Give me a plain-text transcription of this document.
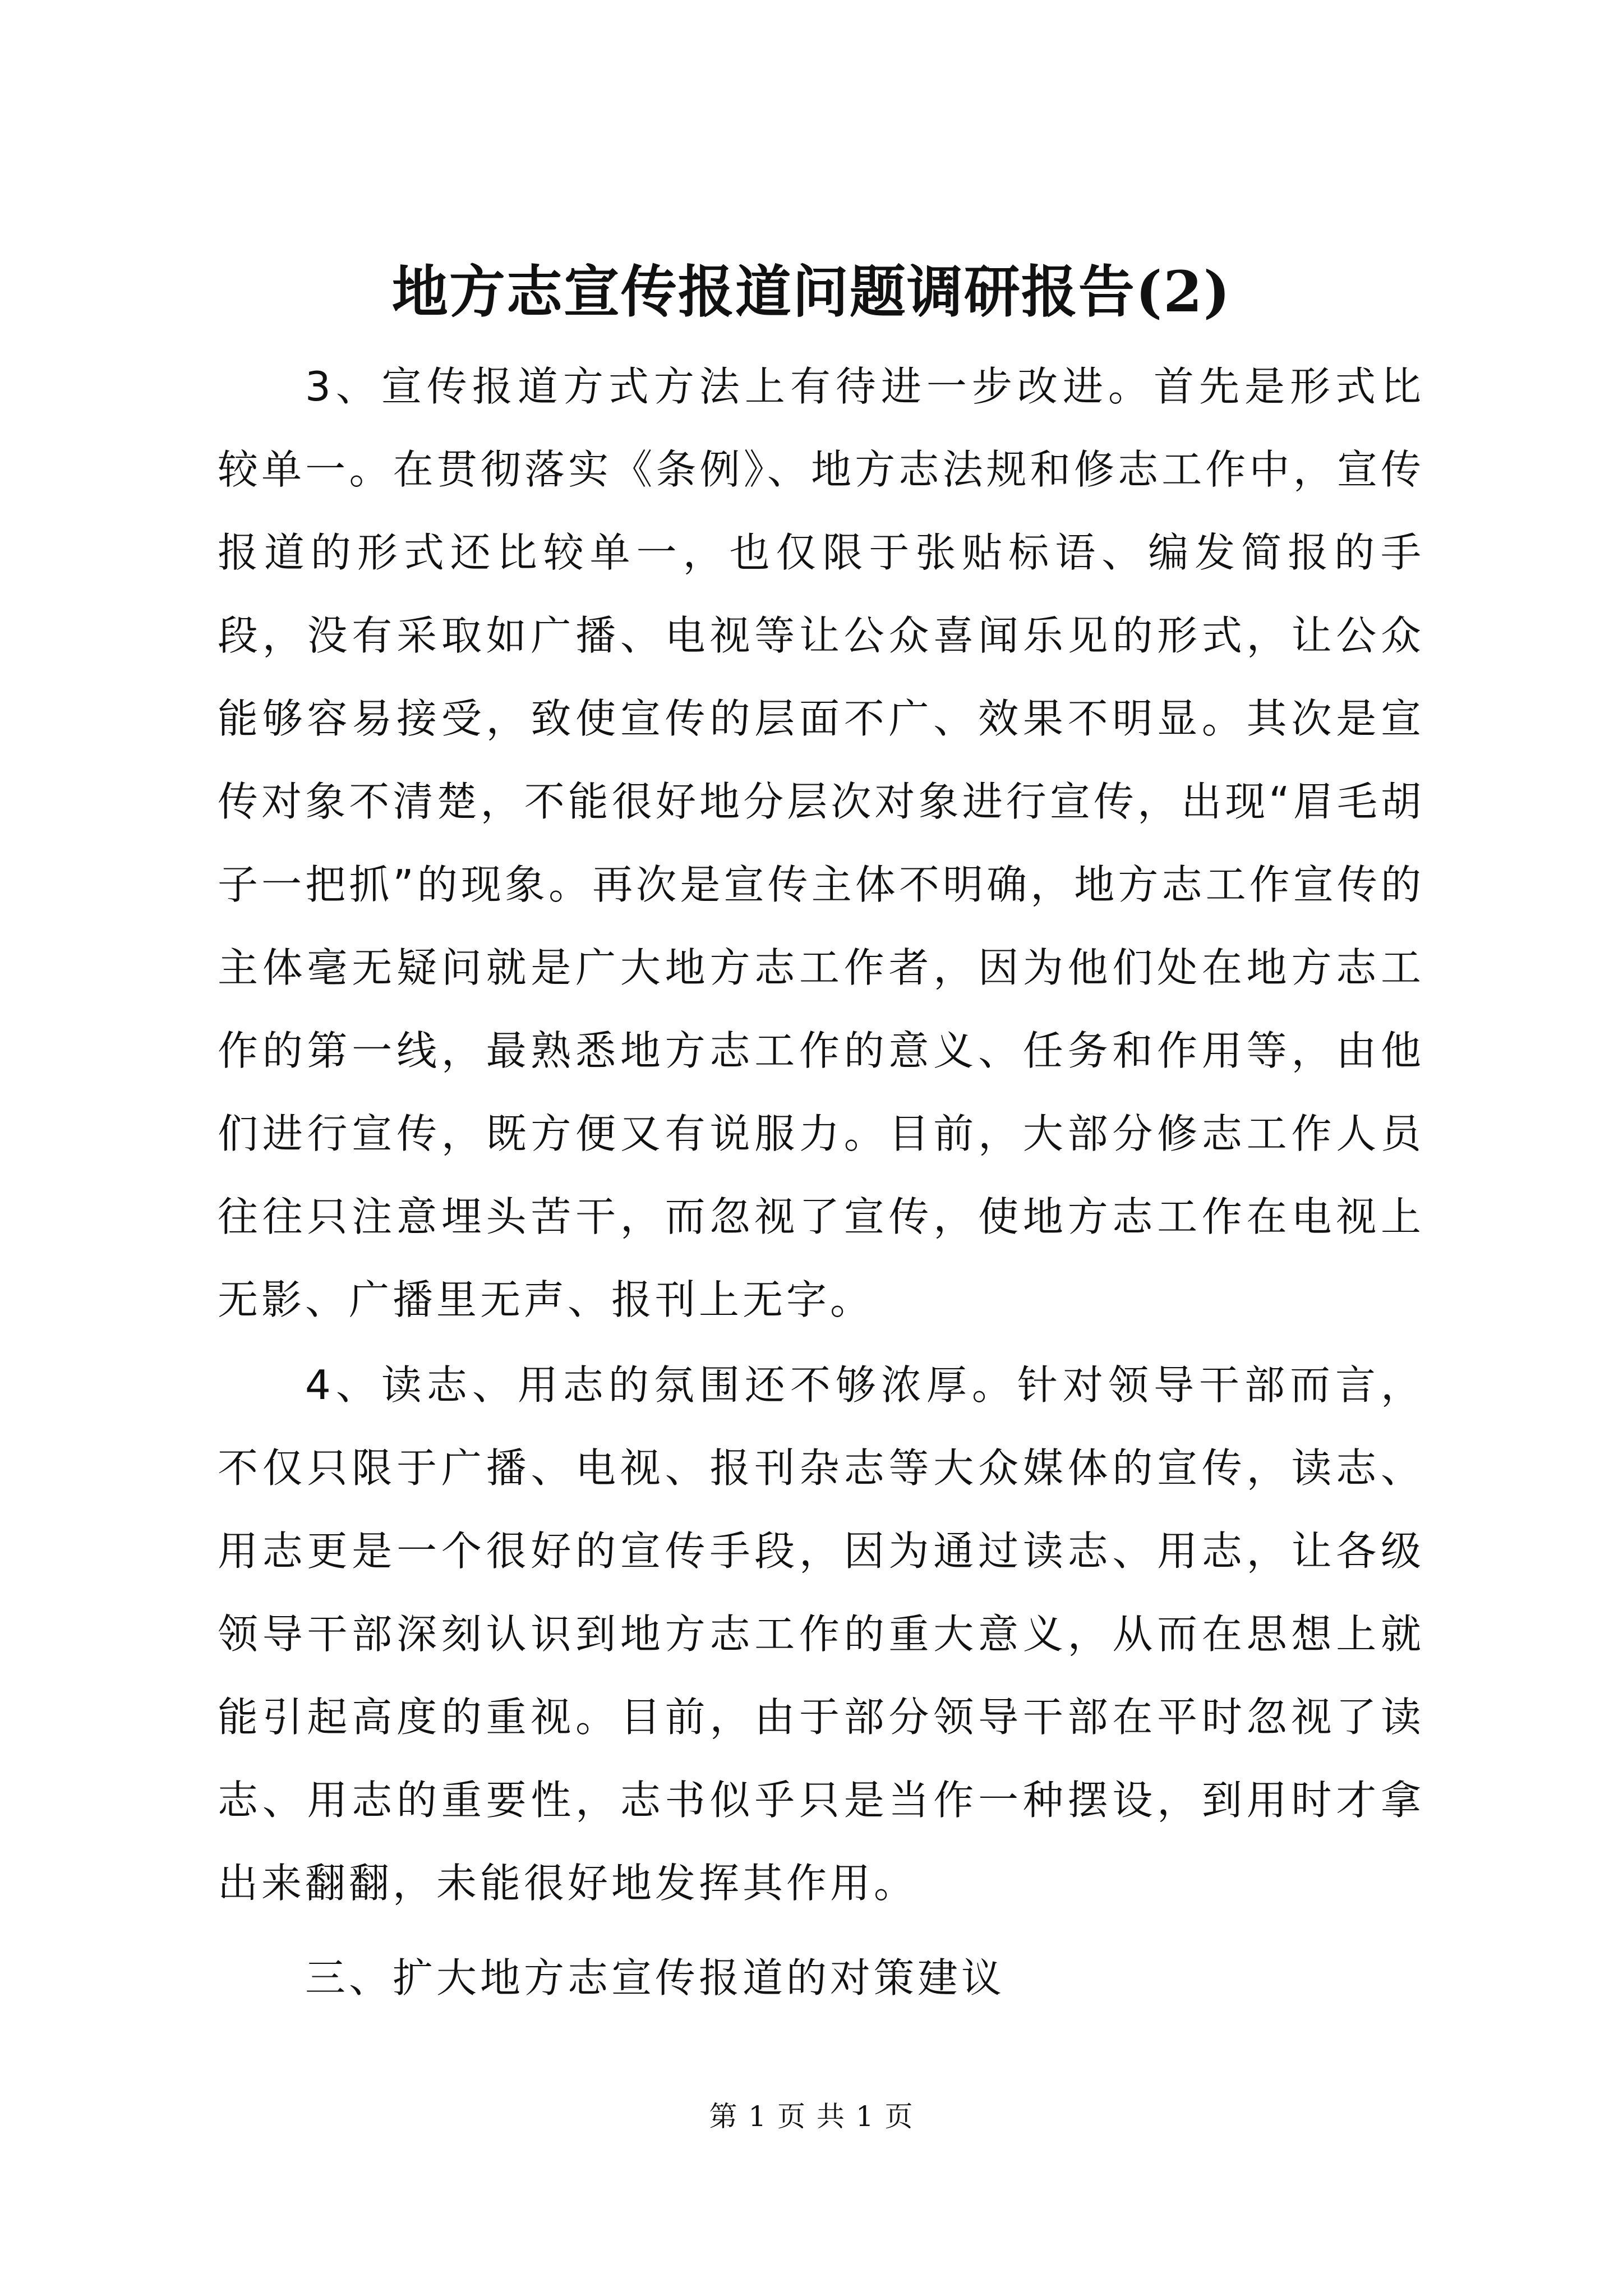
地方志宣传报道问题调研报告(2)

3、宣传报道方式方法上有待进一步改进。首先是形式比较单一。在贯彻落实《条例》、地方志法规和修志工作中，宣传报道的形式还比较单一，也仅限于张贴标语、编发简报的手段，没有采取如广播、电视等让公众喜闻乐见的形式，让公众能够容易接受，致使宣传的层面不广、效果不明显。其次是宣传对象不清楚，不能很好地分层次对象进行宣传，出现“眉毛胡子一把抓”的现象。再次是宣传主体不明确，地方志工作宣传的主体毫无疑问就是广大地方志工作者，因为他们处在地方志工作的第一线，最熟悉地方志工作的意义、任务和作用等，由他们进行宣传，既方便又有说服力。目前，大部分修志工作人员往往只注意埋头苦干，而忽视了宣传，使地方志工作在电视上无影、广播里无声、报刊上无字。

4、读志、用志的氛围还不够浓厚。针对领导干部而言，不仅只限于广播、电视、报刊杂志等大众媒体的宣传，读志、用志更是一个很好的宣传手段，因为通过读志、用志，让各级领导干部深刻认识到地方志工作的重大意义，从而在思想上就能引起高度的重视。目前，由于部分领导干部在平时忽视了读志、用志的重要性，志书似乎只是当作一种摆设，到用时才拿出来翻翻，未能很好地发挥其作用。

三、扩大地方志宣传报道的对策建议

第 1 页 共 1 页
